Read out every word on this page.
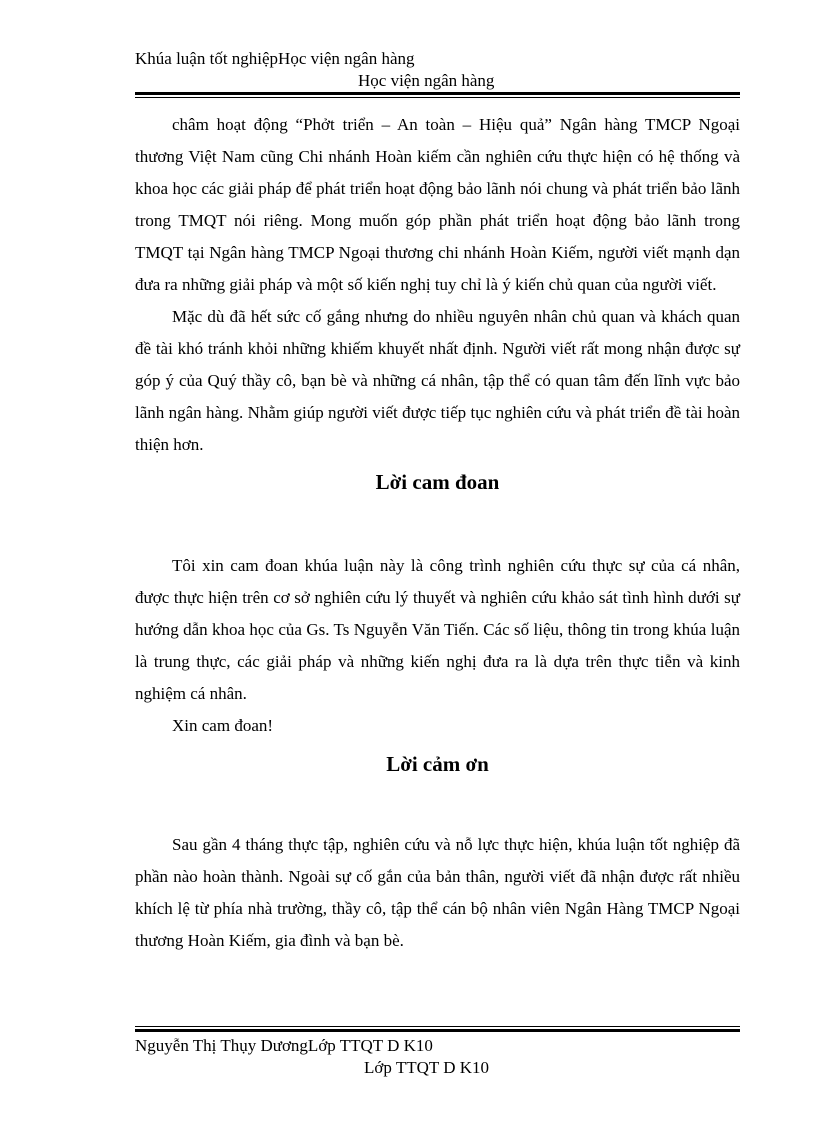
Khúa luận tốt nghiệpHọc viện ngân hàng
Học viện ngân hàng

châm hoạt động “Phởt triển – An toàn – Hiệu quả” Ngân hàng TMCP Ngoại thương Việt Nam cũng Chi nhánh Hoàn kiếm cần nghiên cứu thực hiện có hệ thống và khoa học các giải pháp để phát triển hoạt động bảo lãnh nói chung và phát triển bảo lãnh trong TMQT nói riêng. Mong muốn góp phần phát triển hoạt động bảo lãnh trong TMQT tại Ngân hàng TMCP Ngoại thương chi nhánh Hoàn Kiếm, người viết mạnh dạn đưa ra những giải pháp và một số kiến nghị tuy chỉ là ý kiến chủ quan của người viết.

Mặc dù đã hết sức cố gắng nhưng do nhiều nguyên nhân chủ quan và khách quan đề tài khó tránh khỏi những khiếm khuyết nhất định. Người viết rất mong nhận được sự góp ý của Quý thầy cô, bạn bè và những cá nhân, tập thể có quan tâm đến lĩnh vực bảo lãnh ngân hàng. Nhằm giúp người viết được tiếp tục nghiên cứu và phát triển đề tài hoàn thiện hơn.

Lời cam đoan

Tôi xin cam đoan khúa luận này là công trình nghiên cứu thực sự của cá nhân, được thực hiện trên cơ sở nghiên cứu lý thuyết và nghiên cứu khảo sát tình hình dưới sự hướng dẫn khoa học của Gs. Ts Nguyễn Văn Tiến. Các số liệu, thông tin trong khúa luận là trung thực, các giải pháp và những kiến nghị đưa ra là dựa trên thực tiễn và kinh nghiệm cá nhân.

Xin cam đoan!

Lời cảm ơn

Sau gần 4 tháng thực tập, nghiên cứu và nỗ lực thực hiện, khúa luận tốt nghiệp đã phần nào hoàn thành. Ngoài sự cố gắn của bản thân, người viết đã nhận được rất nhiều khích lệ từ phía nhà trường, thầy cô, tập thể cán bộ nhân viên Ngân Hàng TMCP Ngoại thương Hoàn Kiếm, gia đình và bạn bè.

Nguyễn Thị Thụy DươngLớp TTQT D K10
Lớp TTQT D K10
